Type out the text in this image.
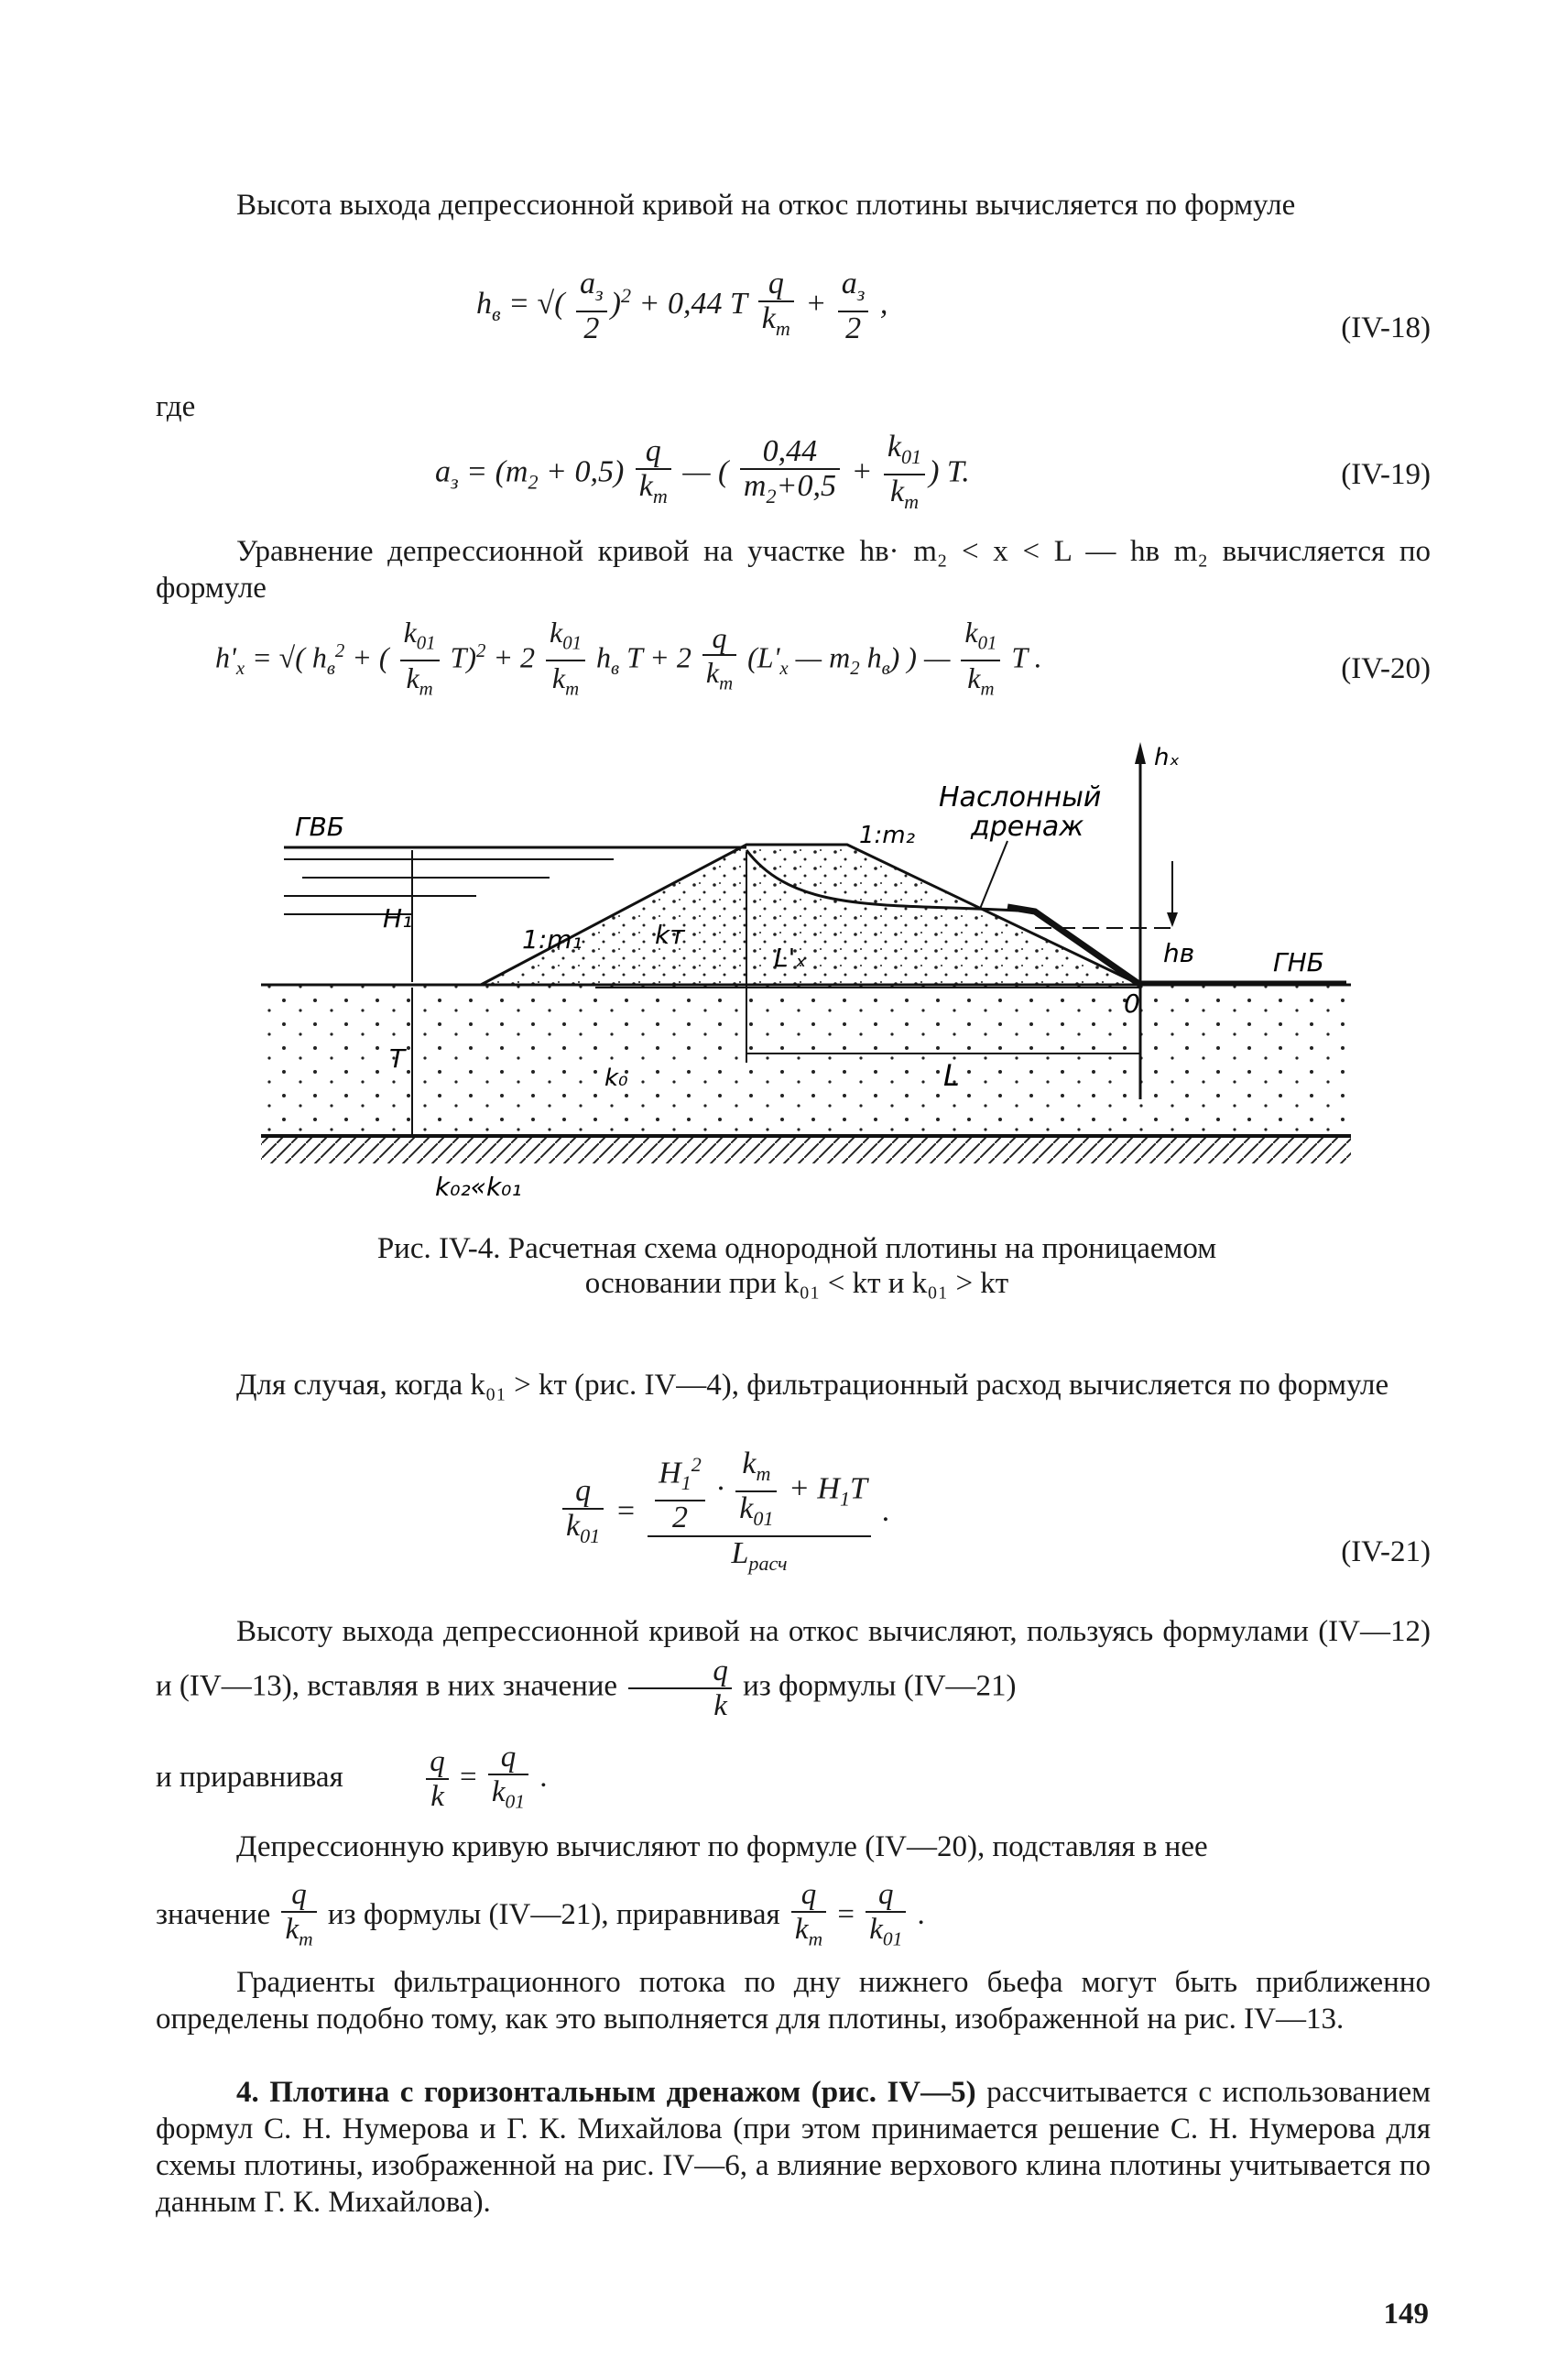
Высота выхода депрессионной кривой на откос плотины вычисляется по формуле
$h_в$ = √( $\frac{a_з}{2} )^2 + 0,44$ T $\frac{q}{k_т} + \frac{a_з}{2}$ ,
(IV-18)
где
$a_з = (m_2 + 0,5) \frac{q}{k_т}$ — ( $\frac{0,44}{m_2+0,5} + \frac{k_{01}}{k_т}$ ) T.	(IV-19)
Уравнение депрессионной кривой на участке hв· m₂ < x < L — hв m₂ вычисляется по формуле
$h'_x$ = √( $h_в^2$ + ( $\frac{k_{01}}{k_т} T)^2 + 2 \frac{k_{01}}{k_т} h_в$ $T + 2 \frac{q}{k_т} (L'_x$ — $m_2$ $h_в$) ) — $\frac{k_{01}}{k_т}$ T .	(IV-20)
ГВБ
ГНБ
Наслонный
дренаж
H₁
T
1:m₁
1:m₂
kт
L'ₓ
L
hв
0
hₓ
k₀
k₀₂«k₀₁
Рис. IV-4. Расчетная схема однородной плотины на проницаемом
основании при k₀₁ < kт и k₀₁ > kт
Для случая, когда k₀₁ > kт (рис. IV—4), фильтрационный расход вычисляется по формуле
$\frac{q}{k_{01}} = \frac{\frac{H_1^2}{2} \cdot \frac{k_т}{k_{01}} + H_1T}{L_{расч}}$ .
(IV-21)
Высоту выхода депрессионной кривой на откос вычисляют, пользуясь формулами (IV—12) и (IV—13), вставляя в них значение $\frac{q}{k}$ из формулы (IV—21)
и приравнивая	$\frac{q}{k} = \frac{q}{k_{01}}$ .
Депрессионную кривую вычисляют по формуле (IV—20), подставляя в нее
значение $\frac{q}{k_т}$ из формулы (IV—21), приравнивая $\frac{q}{k_т} = \frac{q}{k_{01}}$ .
Градиенты фильтрационного потока по дну нижнего бьефа могут быть приближенно определены подобно тому, как это выполняется для плотины, изображенной на рис. IV—13.
4. Плотина с горизонтальным дренажом (рис. IV—5) рассчитывается с использованием формул С. Н. Нумерова и Г. К. Михайлова (при этом принимается решение С. Н. Нумерова для схемы плотины, изображенной на рис. IV—6, а влияние верхового клина плотины учитывается по данным Г. К. Михайлова).
149
